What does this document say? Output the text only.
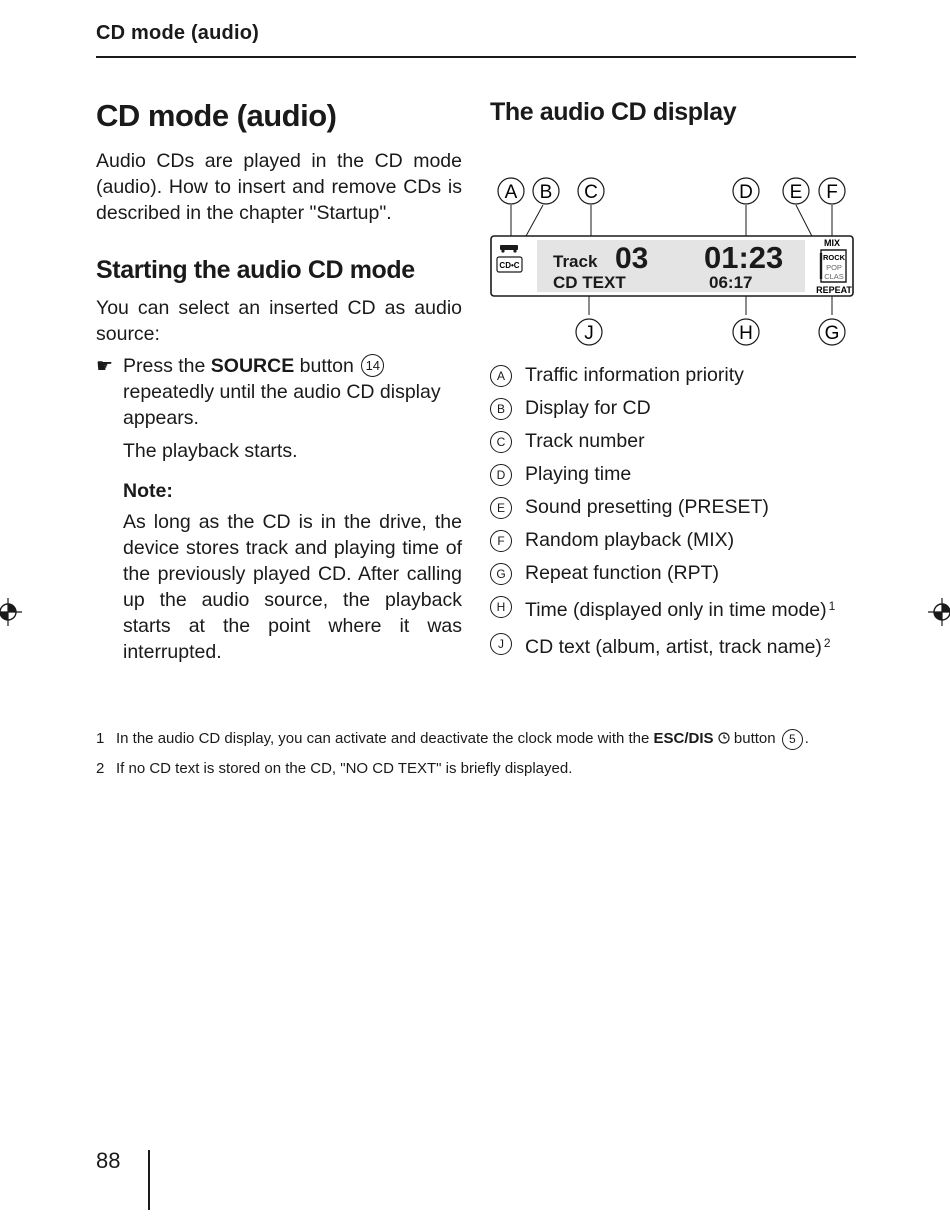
CD mode (audio)
CD mode (audio)

Audio CDs are played in the CD mode (audio). How to insert and remove CDs is described in the chapter "Startup".

Starting the audio CD mode

You can select an inserted CD as audio source:

☛ Press the SOURCE button 14 repeatedly until the audio CD display appears.

The playback starts.

Note:

As long as the CD is in the drive, the device stores track and playing time of the previously played CD. After calling up the audio source, the playback starts at the point where it was interrupted.

The audio CD display
A B C	D E F
CD•C Track 03 01:23
CD TEXT	06:17
MIX
ROCK
POP
CLAS
REPEAT
J	H	G
A	Traffic information priority
B	Display for CD
C	Track number
D	Playing time
E	Sound presetting (PRESET)
F	Random playback (MIX)
G Repeat function (RPT)
H	Time (displayed only in time mode) $^1$
J	CD text (album, artist, track name) $^2$
1 In the audio CD display, you can activate and deactivate the clock mode with the ESC/DIS  button 5 .
2 If no CD text is stored on the CD, "NO CD TEXT" is briefly displayed.
88
